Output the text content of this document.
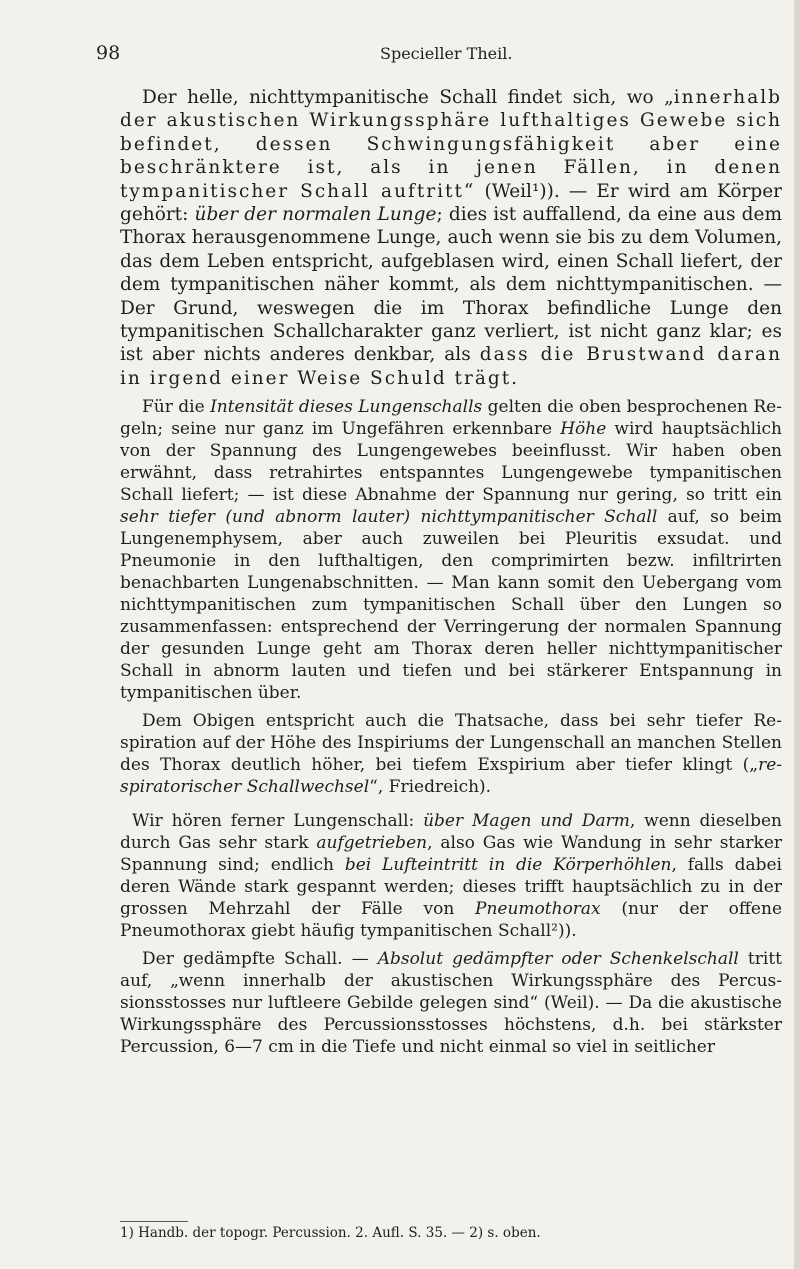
98	Specieller Theil.

Der helle, nichttympanitische Schall findet sich, wo „innerhalb der akustischen Wirkungssphäre lufthaltiges Gewebe sich befindet, dessen Schwingungsfähigkeit aber eine beschränktere ist, als in jenen Fällen, in denen tympanitischer Schall auftritt“ (Weil¹)). — Er wird am Körper gehört: über der normalen Lunge; dies ist auffallend, da eine aus dem Thorax herausgenommene Lunge, auch wenn sie bis zu dem Volumen, das dem Leben entspricht, aufgeblasen wird, einen Schall liefert, der dem tympanitischen näher kommt, als dem nichttympanitischen. — Der Grund, weswegen die im Thorax befindliche Lunge den tympanitischen Schallcharakter ganz verliert, ist nicht ganz klar; es ist aber nichts anderes denkbar, als dass die Brustwand daran in irgend einer Weise Schuld trägt.

Für die Intensität dieses Lungenschalls gelten die oben besprochenen Regeln; seine nur ganz im Ungefähren erkennbare Höhe wird hauptsächlich von der Spannung des Lungengewebes beeinflusst. Wir haben oben erwähnt, dass retrahirtes entspanntes Lungengewebe tympanitischen Schall liefert; — ist diese Abnahme der Spannung nur gering, so tritt ein sehr tiefer (und abnorm lauter) nichttympanitischer Schall auf, so beim Lungenemphysem, aber auch zuweilen bei Pleuritis exsudat. und Pneumonie in den lufthaltigen, den comprimirten bezw. infiltrirten benachbarten Lungenabschnitten. — Man kann somit den Uebergang vom nichttympanitischen zum tympanitischen Schall über den Lungen so zusammenfassen: entsprechend der Verringerung der normalen Spannung der gesunden Lunge geht am Thorax deren heller nichttympanitischer Schall in abnorm lauten und tiefen und bei stärkerer Entspannung in tympanitischen über.

Dem Obigen entspricht auch die Thatsache, dass bei sehr tiefer Respiration auf der Höhe des Inspiriums der Lungenschall an manchen Stellen des Thorax deutlich höher, bei tiefem Exspirium aber tiefer klingt („respiratorischer Schallwechsel“, Friedreich).

Wir hören ferner Lungenschall: über Magen und Darm, wenn dieselben durch Gas sehr stark aufgetrieben, also Gas wie Wandung in sehr starker Spannung sind; endlich bei Lufteintritt in die Körperhöhlen, falls dabei deren Wände stark gespannt werden; dieses trifft hauptsächlich zu in der grossen Mehrzahl der Fälle von Pneumothorax (nur der offene Pneumothorax giebt häufig tympanitischen Schall²)).

Der gedämpfte Schall. — Absolut gedämpfter oder Schenkelschall tritt auf, „wenn innerhalb der akustischen Wirkungssphäre des Percussionsstosses nur luftleere Gebilde gelegen sind“ (Weil). — Da die akustische Wirkungssphäre des Percussionsstosses höchstens, d.h. bei stärkster Percussion, 6—7 cm in die Tiefe und nicht einmal so viel in seitlicher

1) Handb. der topogr. Percussion. 2. Aufl. S. 35. — 2) s. oben.
